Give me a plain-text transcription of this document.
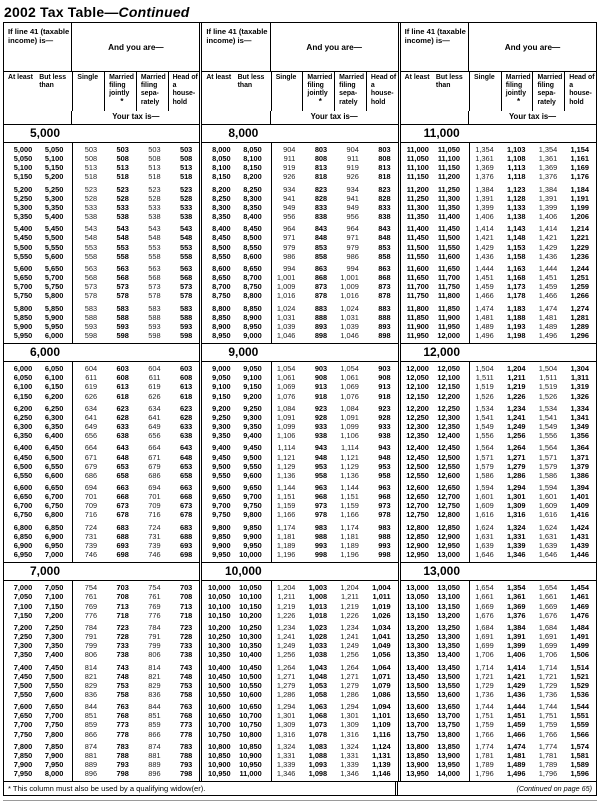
2002 Tax Table—Continued
If line 41 (taxable income) is—
And you are—
At least But less than
Single	Married filing jointly
*
Married filing separately
Head of a household
Your tax is—
5,000
5,000	5,050	503	503	503	503
5,050	5,100	508	508	508	508
5,100	5,150	513	513	513	513
5,150	5,200	518	518	518	518
5,200	5,250	523	523	523	523
5,250	5,300	528	528	528	528
5,300	5,350	533	533	533	533
5,350	5,400	538	538	538	538
5,400	5,450	543	543	543	543
5,450	5,500	548	548	548	548
5,500	5,550	553	553	553	553
5,550	5,600	558	558	558	558
5,600	5,650	563	563	563	563
5,650	5,700	568	568	568	568
5,700	5,750	573	573	573	573
5,750	5,800	578	578	578	578
5,800	5,850	583	583	583	583
5,850	5,900	588	588	588	588
5,900	5,950	593	593	593	593
5,950	6,000	598	598	598	598
6,000
6,000	6,050	604	603	604	603
6,050	6,100	611	608	611	608
6,100	6,150	619	613	619	613
6,150	6,200	626	618	626	618
6,200	6,250	634	623	634	623
6,250	6,300	641	628	641	628
6,300	6,350	649	633	649	633
6,350	6,400	656	638	656	638
6,400	6,450	664	643	664	643
6,450	6,500	671	648	671	648
6,500	6,550	679	653	679	653
6,550	6,600	686	658	686	658
6,600	6,650	694	663	694	663
6,650	6,700	701	668	701	668
6,700	6,750	709	673	709	673
6,750	6,800	716	678	716	678
6,800	6,850	724	683	724	683
6,850	6,900	731	688	731	688
6,900	6,950	739	693	739	693
6,950	7,000	746	698	746	698
7,000
7,000	7,050	754	703	754	703
7,050	7,100	761	708	761	708
7,100	7,150	769	713	769	713
7,150	7,200	776	718	776	718
7,200	7,250	784	723	784	723
7,250	7,300	791	728	791	728
7,300	7,350	799	733	799	733
7,350	7,400	806	738	806	738
7,400	7,450	814	743	814	743
7,450	7,500	821	748	821	748
7,500	7,550	829	753	829	753
7,550	7,600	836	758	836	758
7,600	7,650	844	763	844	763
7,650	7,700	851	768	851	768
7,700	7,750	859	773	859	773
7,750	7,800	866	778	866	778
7,800	7,850	874	783	874	783
7,850	7,900	881	788	881	788
7,900	7,950	889	793	889	793
7,950	8,000	896	798	896	798
If line 41 (taxable income) is—
And you are—
At least But less than
Single	Married filing jointly
*
Married filing separately
Head of a household
Your tax is—
8,000
8,000	8,050	904	803	904	803
8,050	8,100	911	808	911	808
8,100	8,150	919	813	919	813
8,150	8,200	926	818	926	818
8,200	8,250	934	823	934	823
8,250	8,300	941	828	941	828
8,300	8,350	949	833	949	833
8,350	8,400	956	838	956	838
8,400	8,450	964	843	964	843
8,450	8,500	971	848	971	848
8,500	8,550	979	853	979	853
8,550	8,600	986	858	986	858
8,600	8,650	994	863	994	863
8,650	8,700	1,001	868	1,001	868
8,700	8,750	1,009	873	1,009	873
8,750	8,800	1,016	878	1,016	878
8,800	8,850	1,024	883	1,024	883
8,850	8,900	1,031	888	1,031	888
8,900	8,950	1,039	893	1,039	893
8,950	9,000	1,046	898	1,046	898
9,000
9,000	9,050	1,054	903	1,054	903
9,050	9,100	1,061	908	1,061	908
9,100	9,150	1,069	913	1,069	913
9,150	9,200	1,076	918	1,076	918
9,200	9,250	1,084	923	1,084	923
9,250	9,300	1,091	928	1,091	928
9,300	9,350	1,099	933	1,099	933
9,350	9,400	1,106	938	1,106	938
9,400	9,450	1,114	943	1,114	943
9,450	9,500	1,121	948	1,121	948
9,500	9,550	1,129	953	1,129	953
9,550	9,600	1,136	958	1,136	958
9,600	9,650	1,144	963	1,144	963
9,650	9,700	1,151	968	1,151	968
9,700	9,750	1,159	973	1,159	973
9,750	9,800	1,166	978	1,166	978
9,800	9,850	1,174	983	1,174	983
9,850	9,900	1,181	988	1,181	988
9,900	9,950	1,189	993	1,189	993
9,950	10,000	1,196	998	1,196	998
10,000
10,000	10,050	1,204	1,003	1,204	1,004
10,050	10,100	1,211	1,008	1,211	1,011
10,100	10,150	1,219	1,013	1,219	1,019
10,150	10,200	1,226	1,018	1,226	1,026
10,200	10,250	1,234	1,023	1,234	1,034
10,250	10,300	1,241	1,028	1,241	1,041
10,300	10,350	1,249	1,033	1,249	1,049
10,350	10,400	1,256	1,038	1,256	1,056
10,400	10,450	1,264	1,043	1,264	1,064
10,450	10,500	1,271	1,048	1,271	1,071
10,500	10,550	1,279	1,053	1,279	1,079
10,550	10,600	1,286	1,058	1,286	1,086
10,600	10,650	1,294	1,063	1,294	1,094
10,650	10,700	1,301	1,068	1,301	1,101
10,700	10,750	1,309	1,073	1,309	1,109
10,750	10,800	1,316	1,078	1,316	1,116
10,800	10,850	1,324	1,083	1,324	1,124
10,850	10,900	1,331	1,088	1,331	1,131
10,900	10,950	1,339	1,093	1,339	1,139
10,950	11,000	1,346	1,098	1,346	1,146
If line 41 (taxable income) is—
And you are—
At least But less than
Single	Married filing jointly
*
Married filing separately
Head of a household
Your tax is—
11,000
11,000	11,050	1,354	1,103	1,354	1,154
11,050	11,100	1,361	1,108	1,361	1,161
11,100	11,150	1,369	1,113	1,369	1,169
11,150	11,200	1,376	1,118	1,376	1,176
11,200	11,250	1,384	1,123	1,384	1,184
11,250	11,300	1,391	1,128	1,391	1,191
11,300	11,350	1,399	1,133	1,399	1,199
11,350	11,400	1,406	1,138	1,406	1,206
11,400	11,450	1,414	1,143	1,414	1,214
11,450	11,500	1,421	1,148	1,421	1,221
11,500	11,550	1,429	1,153	1,429	1,229
11,550	11,600	1,436	1,158	1,436	1,236
11,600	11,650	1,444	1,163	1,444	1,244
11,650	11,700	1,451	1,168	1,451	1,251
11,700	11,750	1,459	1,173	1,459	1,259
11,750	11,800	1,466	1,178	1,466	1,266
11,800	11,850	1,474	1,183	1,474	1,274
11,850	11,900	1,481	1,188	1,481	1,281
11,900	11,950	1,489	1,193	1,489	1,289
11,950	12,000	1,496	1,198	1,496	1,296
12,000
12,000	12,050	1,504	1,204	1,504	1,304
12,050	12,100	1,511	1,211	1,511	1,311
12,100	12,150	1,519	1,219	1,519	1,319
12,150	12,200	1,526	1,226	1,526	1,326
12,200	12,250	1,534	1,234	1,534	1,334
12,250	12,300	1,541	1,241	1,541	1,341
12,300	12,350	1,549	1,249	1,549	1,349
12,350	12,400	1,556	1,256	1,556	1,356
12,400	12,450	1,564	1,264	1,564	1,364
12,450	12,500	1,571	1,271	1,571	1,371
12,500	12,550	1,579	1,279	1,579	1,379
12,550	12,600	1,586	1,286	1,586	1,386
12,600	12,650	1,594	1,294	1,594	1,394
12,650	12,700	1,601	1,301	1,601	1,401
12,700	12,750	1,609	1,309	1,609	1,409
12,750	12,800	1,616	1,316	1,616	1,416
12,800	12,850	1,624	1,324	1,624	1,424
12,850	12,900	1,631	1,331	1,631	1,431
12,900	12,950	1,639	1,339	1,639	1,439
12,950	13,000	1,646	1,346	1,646	1,446
13,000
13,000	13,050	1,654	1,354	1,654	1,454
13,050	13,100	1,661	1,361	1,661	1,461
13,100	13,150	1,669	1,369	1,669	1,469
13,150	13,200	1,676	1,376	1,676	1,476
13,200	13,250	1,684	1,384	1,684	1,484
13,250	13,300	1,691	1,391	1,691	1,491
13,300	13,350	1,699	1,399	1,699	1,499
13,350	13,400	1,706	1,406	1,706	1,506
13,400	13,450	1,714	1,414	1,714	1,514
13,450	13,500	1,721	1,421	1,721	1,521
13,500	13,550	1,729	1,429	1,729	1,529
13,550	13,600	1,736	1,436	1,736	1,536
13,600	13,650	1,744	1,444	1,744	1,544
13,650	13,700	1,751	1,451	1,751	1,551
13,700	13,750	1,759	1,459	1,759	1,559
13,750	13,800	1,766	1,466	1,766	1,566
13,800	13,850	1,774	1,474	1,774	1,574
13,850	13,900	1,781	1,481	1,781	1,581
13,900	13,950	1,789	1,489	1,789	1,589
13,950	14,000	1,796	1,496	1,796	1,596
* This column must also be used by a qualifying widow(er).	(Continued on page 65)
